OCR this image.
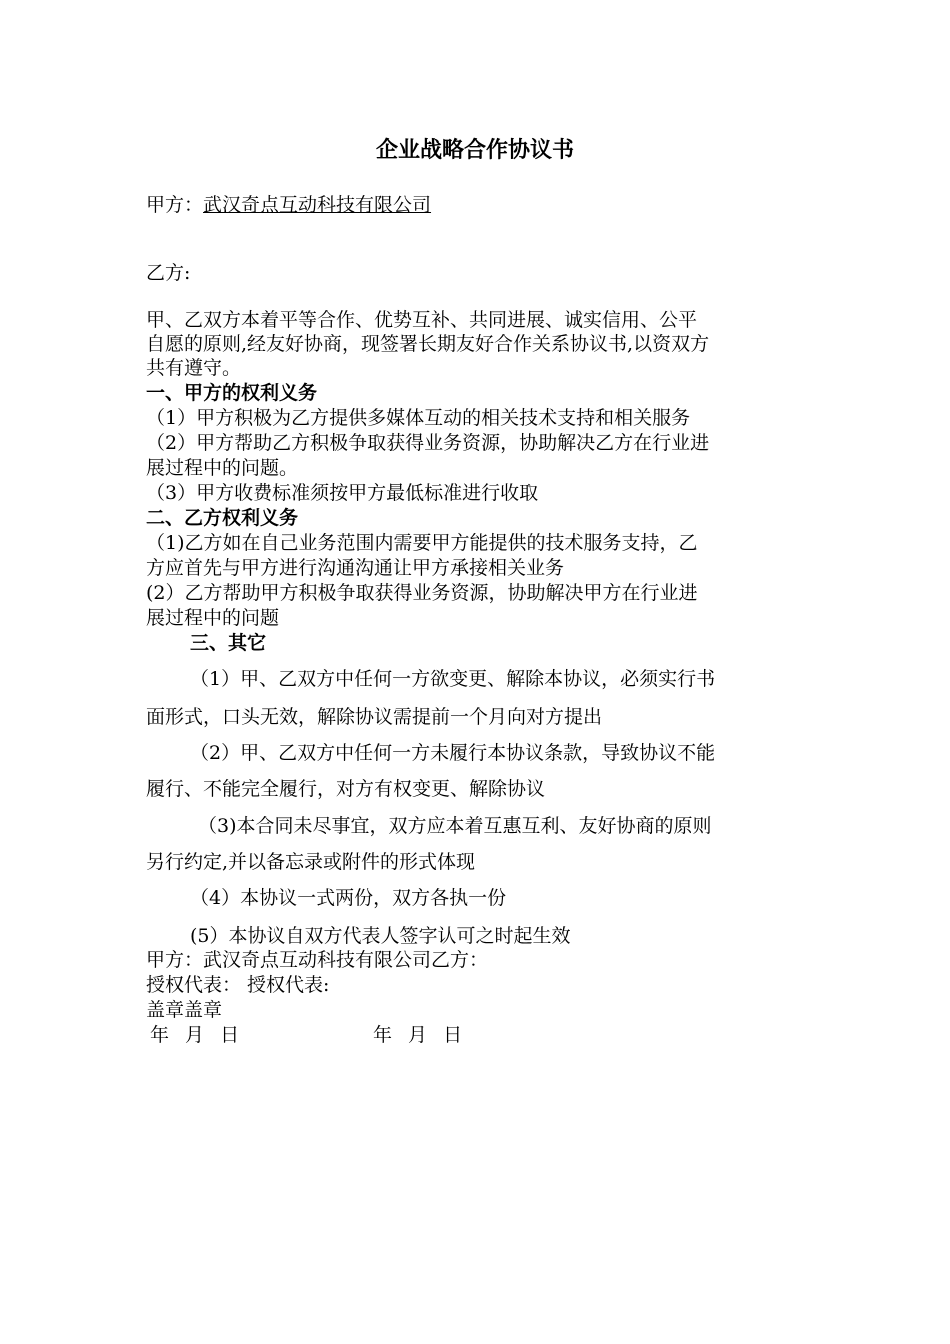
企业战略合作协议书
甲方：武汉奇点互动科技有限公司
乙方:
甲、乙双方本着平等合作、优势互补、共同进展、诚实信用、公平
自愿的原则,经友好协商，现签署长期友好合作关系协议书,以资双方
共有遵守。
一、甲方的权利义务
（1）甲方积极为乙方提供多媒体互动的相关技术支持和相关服务
（2）甲方帮助乙方积极争取获得业务资源，协助解决乙方在行业进
展过程中的问题。
（3）甲方收费标准须按甲方最低标准进行收取
二、乙方权利义务
（1)乙方如在自己业务范围内需要甲方能提供的技术服务支持，乙
方应首先与甲方进行沟通沟通让甲方承接相关业务
(2）乙方帮助甲方积极争取获得业务资源，协助解决甲方在行业进
展过程中的问题
三、其它
（1）甲、乙双方中任何一方欲变更、解除本协议，必须实行书
面形式，口头无效，解除协议需提前一个月向对方提出
（2）甲、乙双方中任何一方未履行本协议条款，导致协议不能
履行、不能完全履行，对方有权变更、解除协议
（3)本合同未尽事宜，双方应本着互惠互利、友好协商的原则
另行约定,并以备忘录或附件的形式体现
（4）本协议一式两份，双方各执一份
(5）本协议自双方代表人签字认可之时起生效
甲方：武汉奇点互动科技有限公司乙方：
授权代表： 授权代表:
盖章盖章
年 月 日	年 月 日
